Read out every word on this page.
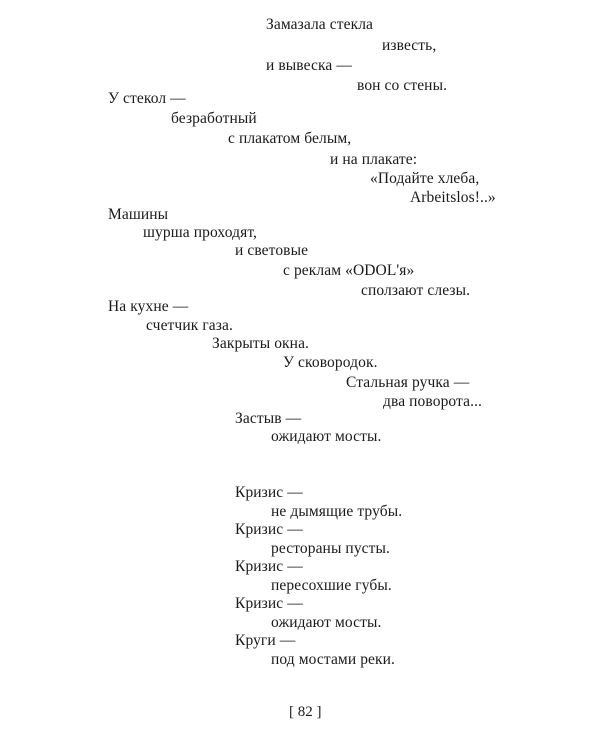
Замазала стекла

известь,

и вывеска —

вон со стены.

У стекол —

безработный

с плакатом белым,

и на плакате:

«Подайте хлеба,

Arbeitslos!..»

Машины

шурша проходят,

и световые

с реклам «ODOL'я»

сползают слезы.

На кухне —

счетчик газа.

Закрыты окна.

У сковородок.

Стальная ручка —

два поворота...

Застыв —

ожидают мосты.

Кризис —

не дымящие трубы.

Кризис —

рестораны пусты.

Кризис —

пересохшие губы.

Кризис —

ожидают мосты.

Круги —

под мостами реки.

[ 82 ]
